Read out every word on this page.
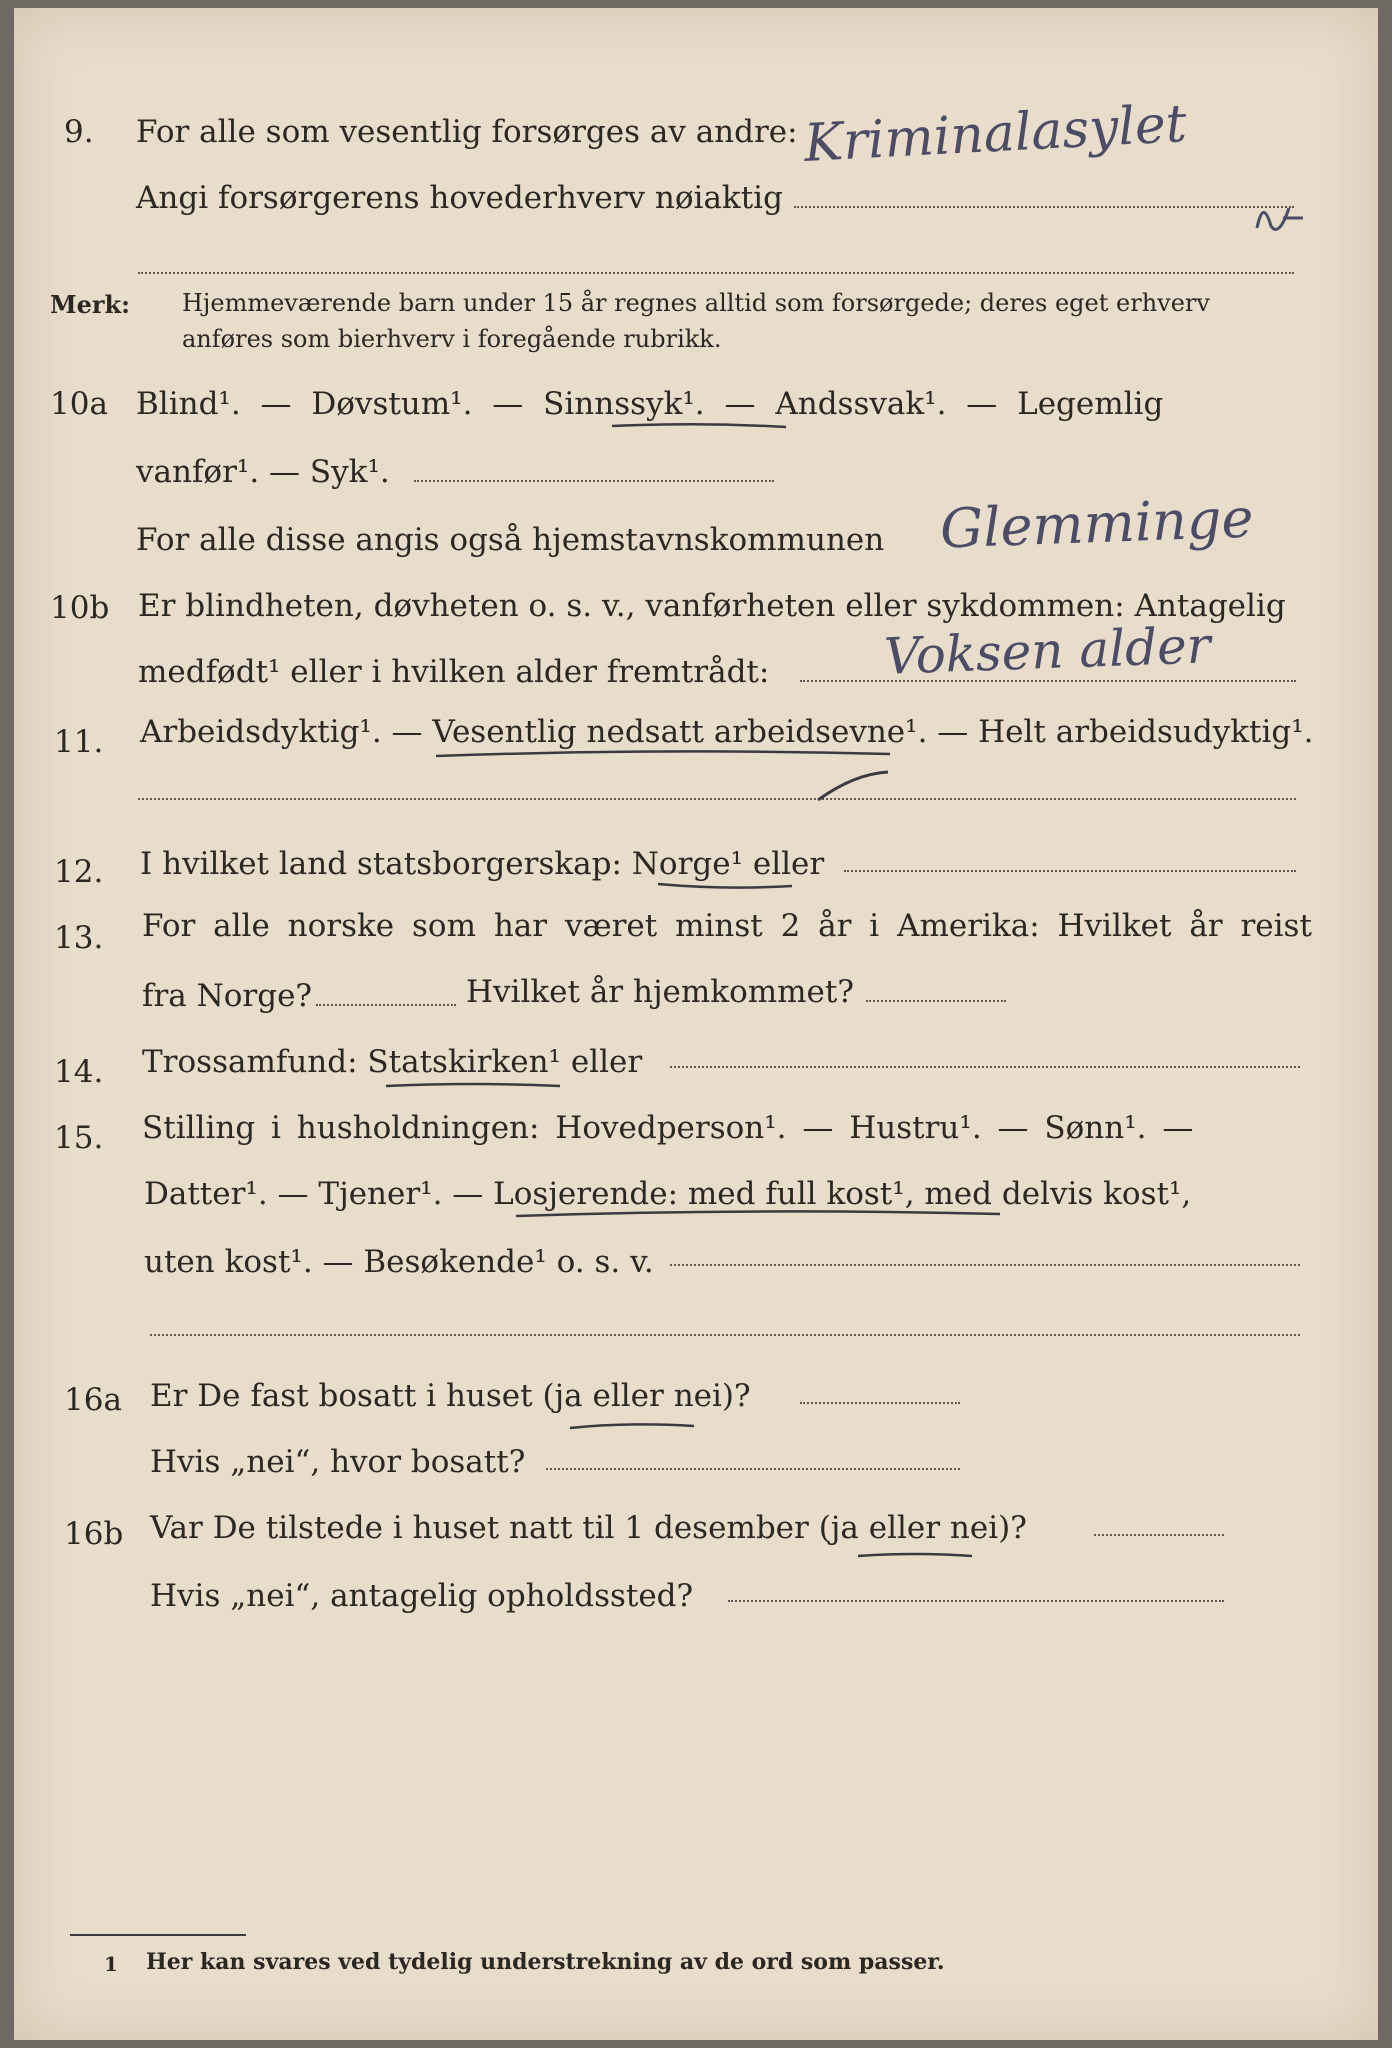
9. For alle som vesentlig forsørges av andre:
Angi forsørgerens hovederhverv nøiaktig
Kriminalasylet
Merk: Hjemmeværende barn under 15 år regnes alltid som forsørgede; deres eget erhverv
anføres som bierhverv i foregående rubrikk.
10a Blind¹. — Døvstum¹. — Sinnssyk¹. — Andssvak¹. — Legemlig
vanfør¹. — Syk¹.
For alle disse angis også hjemstavnskommunen Glemminge
10b Er blindheten, døvheten o. s. v., vanførheten eller sykdommen: Antagelig
medfødt¹ eller i hvilken alder fremtrådt: Voksen alder
11. Arbeidsdyktig¹. — Vesentlig nedsatt arbeidsevne¹. — Helt arbeidsudyktig¹.
12. I hvilket land statsborgerskap: Norge¹ eller
13. For alle norske som har været minst 2 år i Amerika: Hvilket år reist
fra Norge?	Hvilket år hjemkommet?
14. Trossamfund: Statskirken¹ eller
15. Stilling i husholdningen: Hovedperson¹. — Hustru¹. — Sønn¹. —
Datter¹. — Tjener¹. — Losjerende: med full kost¹, med delvis kost¹,
uten kost¹. — Besøkende¹ o. s. v.
16a Er De fast bosatt i huset (ja eller nei)?
Hvis „nei“, hvor bosatt?
16b Var De tilstede i huset natt til 1 desember (ja eller nei)?
Hvis „nei“, antagelig opholdssted?
1 Her kan svares ved tydelig understrekning av de ord som passer.
